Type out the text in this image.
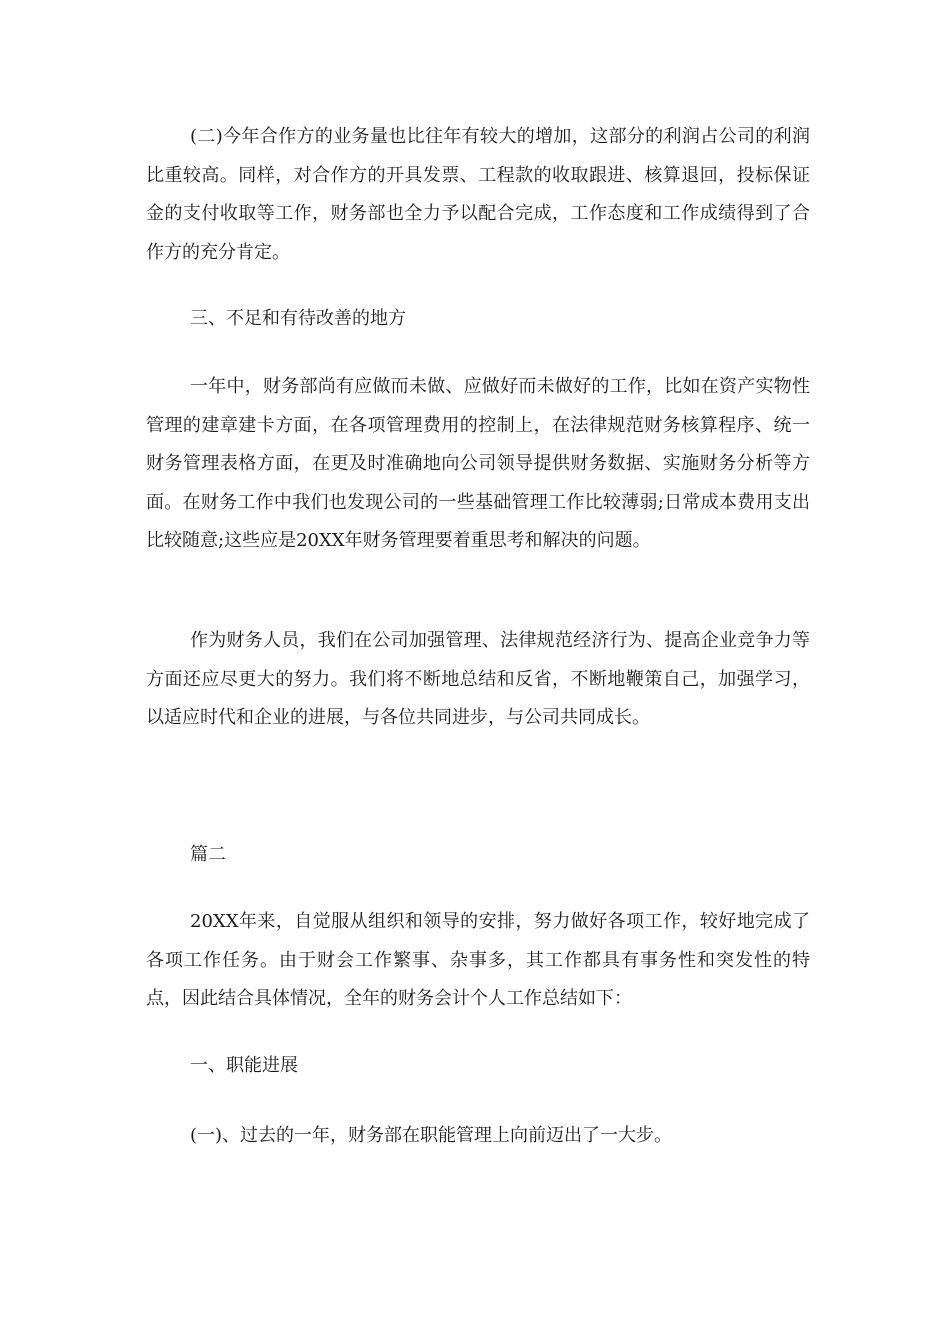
(二)今年合作方的业务量也比往年有较大的增加，这部分的利润占公司的利润比重较高。同样，对合作方的开具发票、工程款的收取跟进、核算退回，投标保证金的支付收取等工作，财务部也全力予以配合完成，工作态度和工作成绩得到了合作方的充分肯定。

三、不足和有待改善的地方

一年中，财务部尚有应做而未做、应做好而未做好的工作，比如在资产实物性管理的建章建卡方面，在各项管理费用的控制上，在法律规范财务核算程序、统一财务管理表格方面，在更及时准确地向公司领导提供财务数据、实施财务分析等方面。在财务工作中我们也发现公司的一些基础管理工作比较薄弱;日常成本费用支出比较随意;这些应是20XX年财务管理要着重思考和解决的问题。

作为财务人员，我们在公司加强管理、法律规范经济行为、提高企业竞争力等方面还应尽更大的努力。我们将不断地总结和反省，不断地鞭策自己，加强学习，以适应时代和企业的进展，与各位共同进步，与公司共同成长。

篇二

20XX年来，自觉服从组织和领导的安排，努力做好各项工作，较好地完成了各项工作任务。由于财会工作繁事、杂事多，其工作都具有事务性和突发性的特点，因此结合具体情况，全年的财务会计个人工作总结如下：

一、职能进展

(一)、过去的一年，财务部在职能管理上向前迈出了一大步。
